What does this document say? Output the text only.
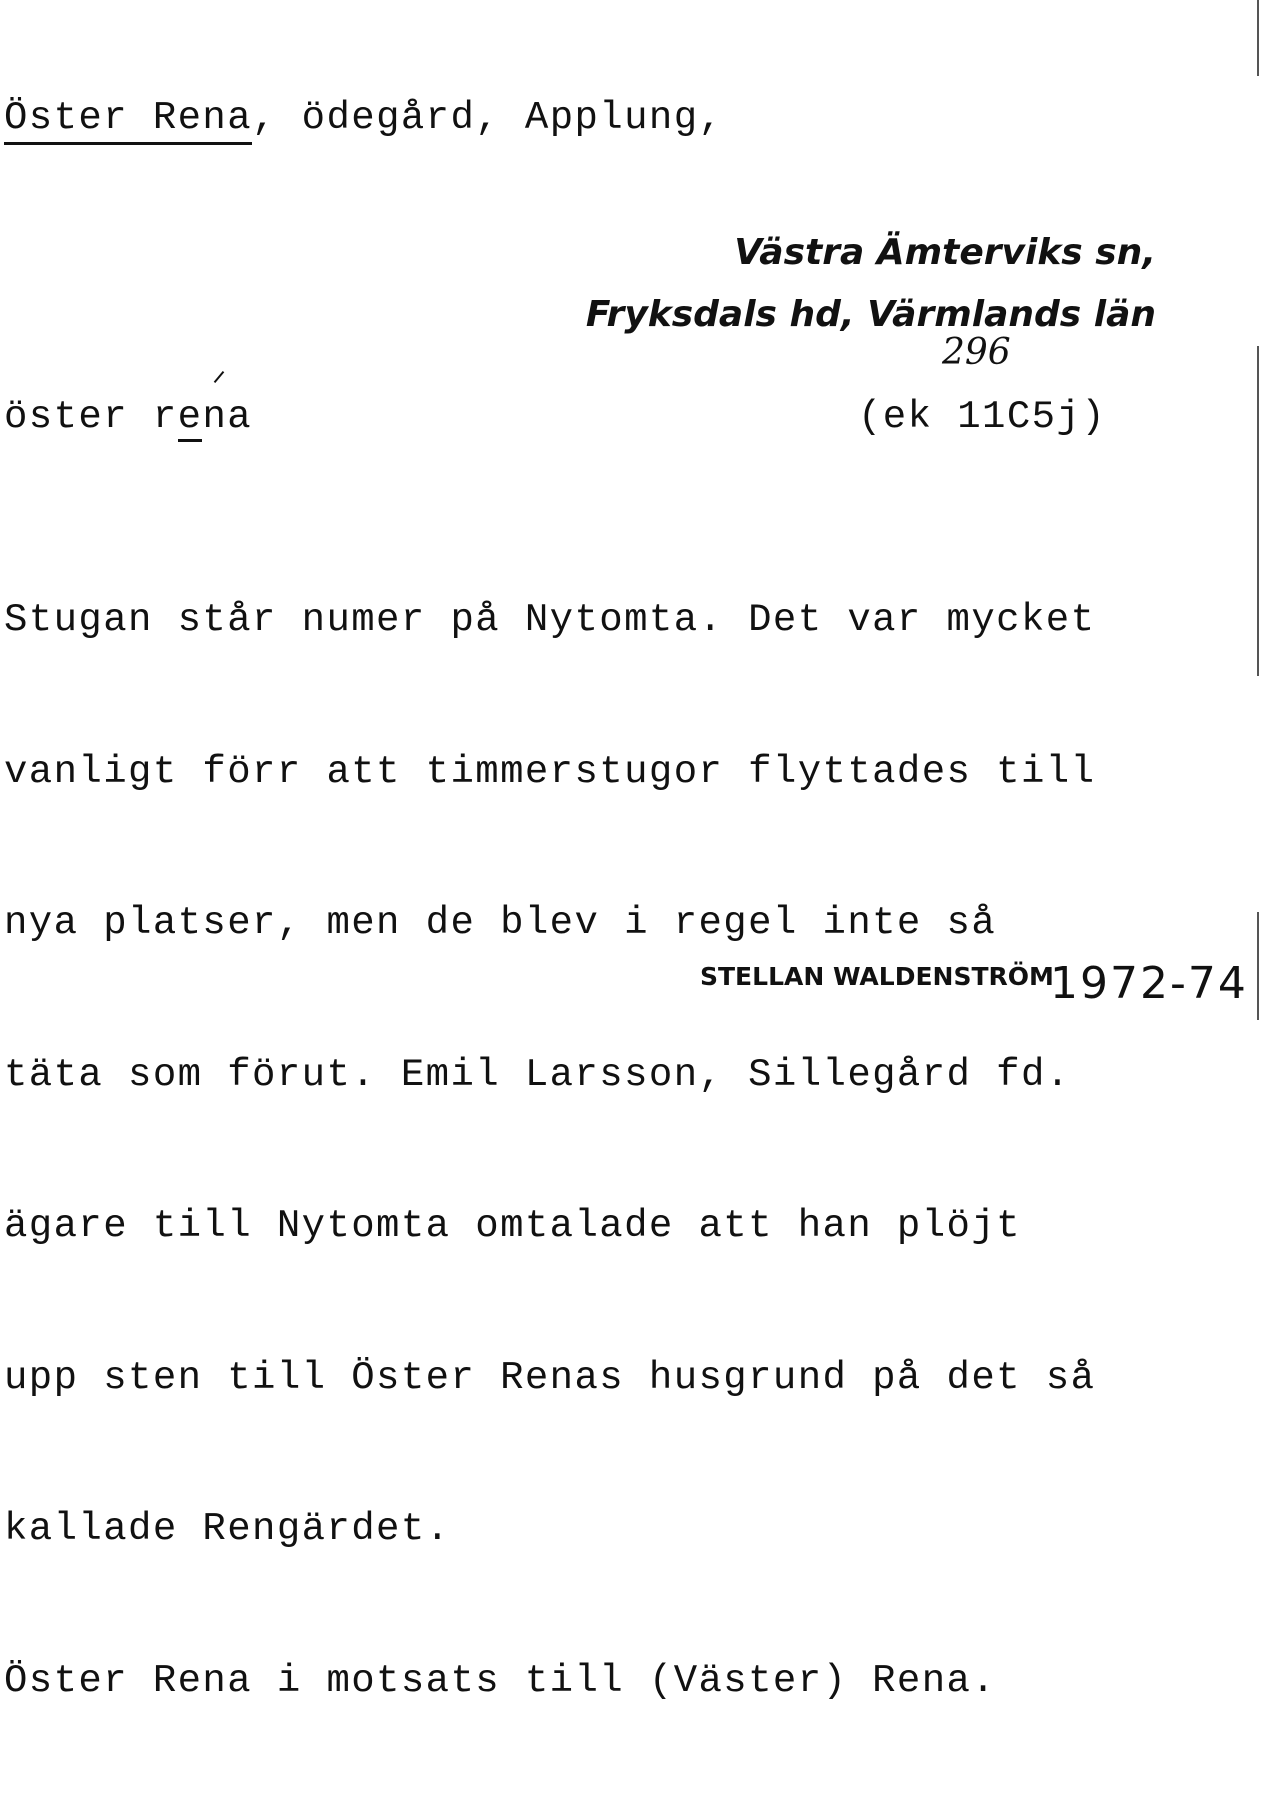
Öster Rena, ödegård, Applung,
Västra Ämterviks sn,
Fryksdals hd, Värmlands län
296
öster rena	(ek 11C5j)

Stugan står numer på Nytomta. Det var mycket

vanligt förr att timmerstugor flyttades till

nya platser, men de blev i regel inte så

täta som förut. Emil Larsson, Sillegård fd.

ägare till Nytomta omtalade att han plöjt

upp sten till Öster Renas husgrund på det så

kallade Rengärdet.

Öster Rena i motsats till (Väster) Rena.

STELLAN WALDENSTRÖM
1972-74
